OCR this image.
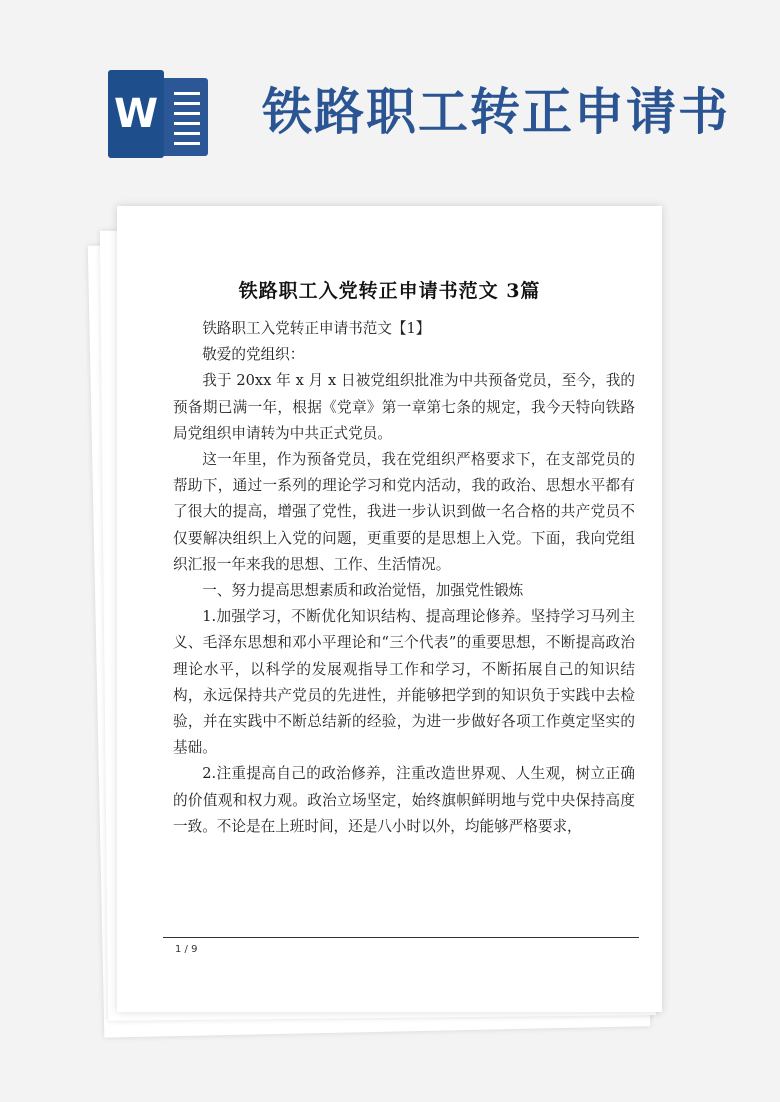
W 铁路职工转正申请书
铁路职工入党转正申请书范文 3篇

铁路职工入党转正申请书范文【1】

敬爱的党组织：

我于 20xx 年 x 月 x 日被党组织批准为中共预备党员，至今，我的预备期已满一年，根据《党章》第一章第七条的规定，我今天特向铁路局党组织申请转为中共正式党员。

这一年里，作为预备党员，我在党组织严格要求下，在支部党员的帮助下，通过一系列的理论学习和党内活动，我的政治、思想水平都有了很大的提高，增强了党性，我进一步认识到做一名合格的共产党员不仅要解决组织上入党的问题，更重要的是思想上入党。下面，我向党组织汇报一年来我的思想、工作、生活情况。

一、努力提高思想素质和政治觉悟，加强党性锻炼

1.加强学习，不断优化知识结构、提高理论修养。坚持学习马列主义、毛泽东思想和邓小平理论和“三个代表”的重要思想，不断提高政治理论水平，以科学的发展观指导工作和学习，不断拓展自己的知识结构，永远保持共产党员的先进性，并能够把学到的知识负于实践中去检验，并在实践中不断总结新的经验，为进一步做好各项工作奠定坚实的基础。

2.注重提高自己的政治修养，注重改造世界观、人生观，树立正确的价值观和权力观。政治立场坚定，始终旗帜鲜明地与党中央保持高度一致。不论是在上班时间，还是八小时以外，均能够严格要求，

1 / 9
